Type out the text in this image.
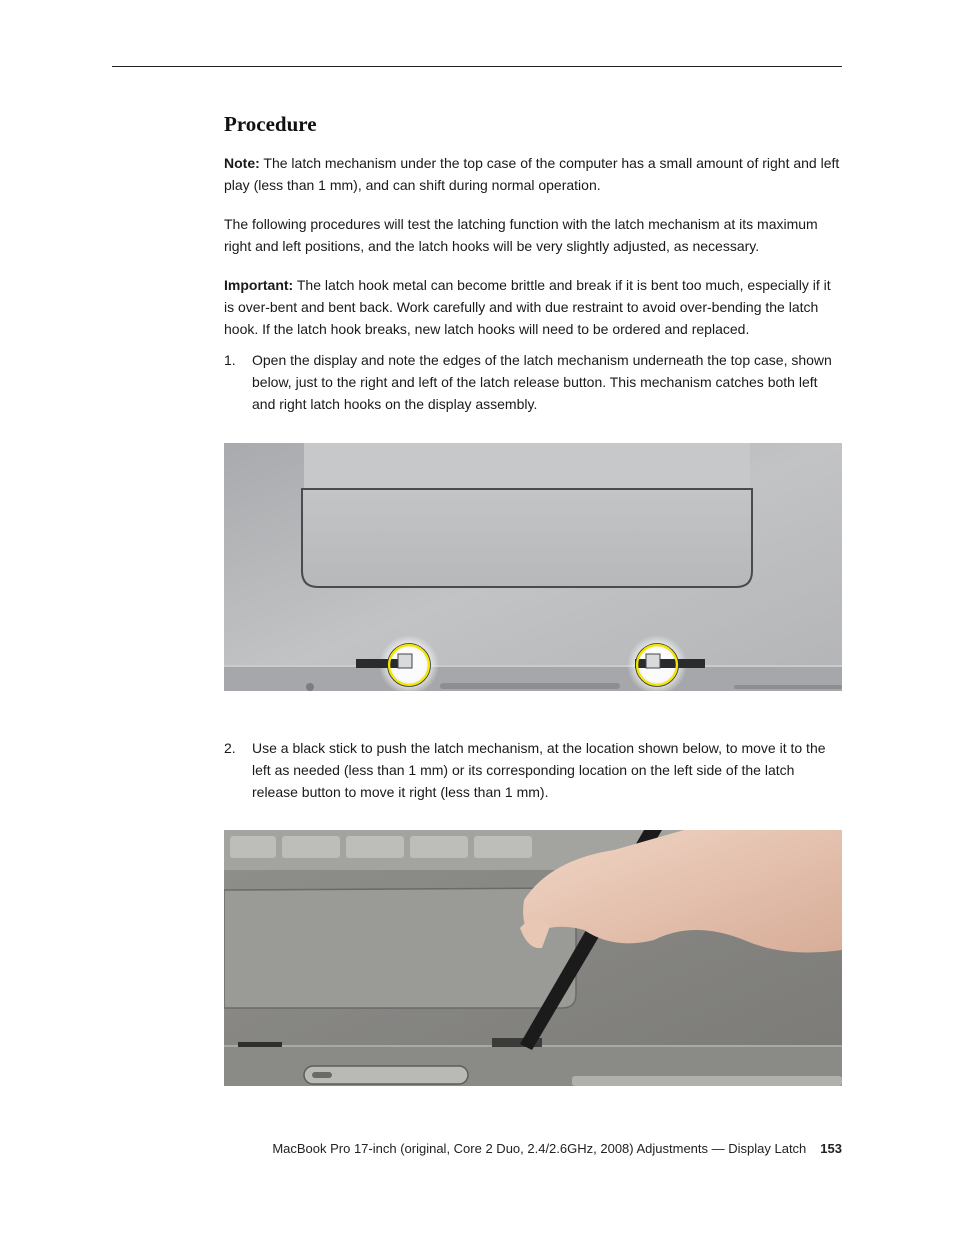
Procedure

Note: The latch mechanism under the top case of the computer has a small amount of right and left play (less than 1 mm), and can shift during normal operation.

The following procedures will test the latching function with the latch mechanism at its maximum right and left positions, and the latch hooks will be very slightly adjusted, as necessary.

Important: The latch hook metal can become brittle and break if it is bent too much, especially if it is over-bent and bent back. Work carefully and with due restraint to avoid over-bending the latch hook. If the latch hook breaks, new latch hooks will need to be ordered and replaced.

1.	Open the display and note the edges of the latch mechanism underneath the top case, shown below, just to the right and left of the latch release button. This mechanism catches both left and right latch hooks on the display assembly.
2.	Use a black stick to push the latch mechanism, at the location shown below, to move it to the left as needed (less than 1 mm) or its corresponding location on the left side of the latch release button to move it right (less than 1 mm).
MacBook Pro 17-inch (original, Core 2 Duo, 2.4/2.6GHz, 2008) Adjustments — Display Latch 153
